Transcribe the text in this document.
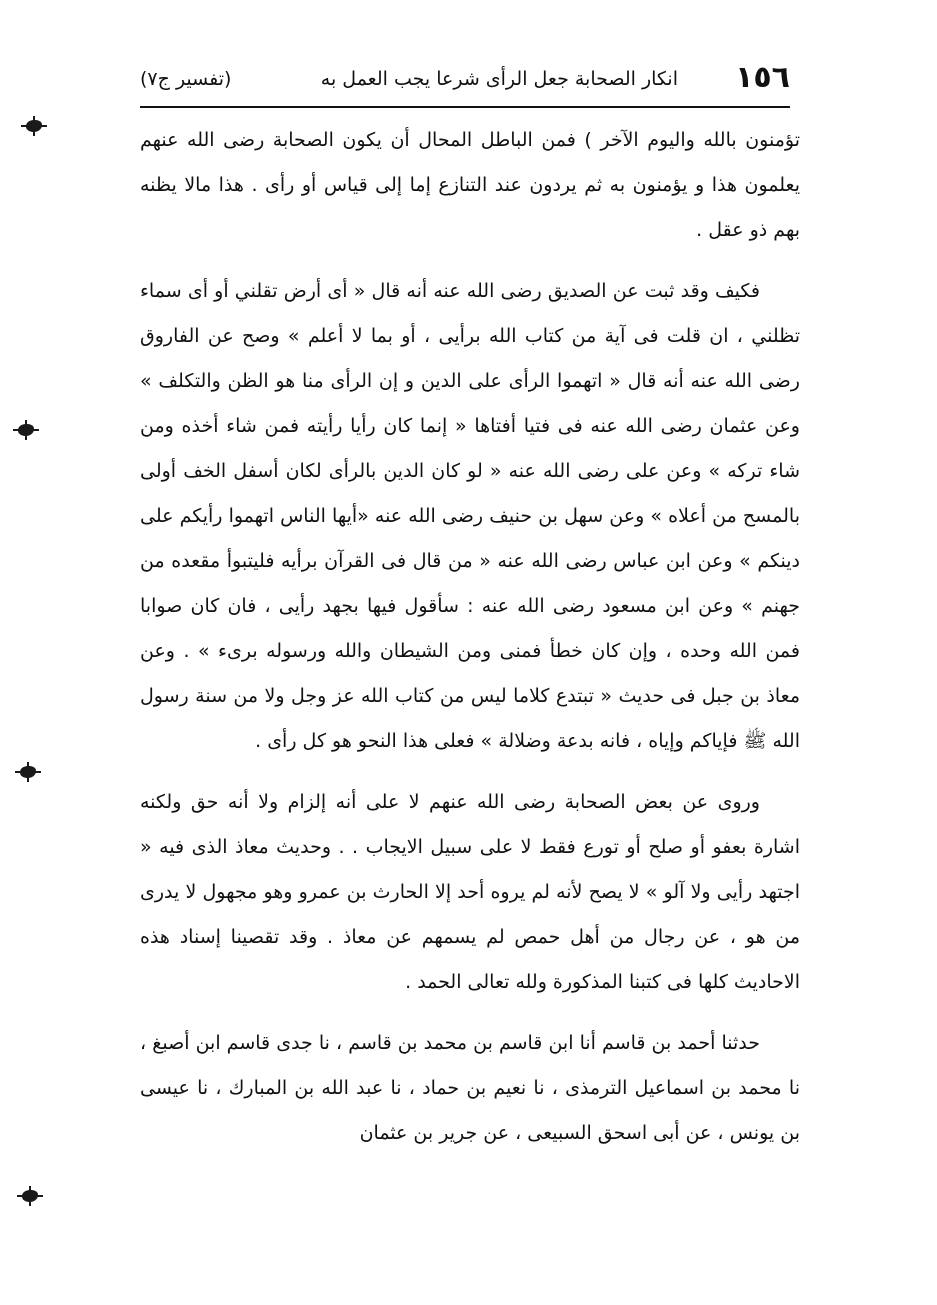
١٥٦
انكار الصحابة جعل الرأى شرعا يجب العمل به
(تفسير ج٧)

تؤمنون بالله واليوم الآخر ) فمن الباطل المحال أن يكون الصحابة رضى الله عنهم يعلمون هذا و يؤمنون به ثم يردون عند التنازع إما إلى قياس أو رأى . هذا مالا يظنه بهم ذو عقل .

فكيف وقد ثبت عن الصديق رضى الله عنه أنه قال « أى أرض تقلني أو أى سماء تظلني ، ان قلت فى آية من كتاب الله برأيى ، أو بما لا أعلم » وصح عن الفاروق رضى الله عنه أنه قال « اتهموا الرأى على الدين و إن الرأى منا هو الظن والتكلف » وعن عثمان رضى الله عنه فى فتيا أفتاها « إنما كان رأيا رأيته فمن شاء أخذه ومن شاء تركه » وعن على رضى الله عنه « لو كان الدين بالرأى لكان أسفل الخف أولى بالمسح من أعلاه » وعن سهل بن حنيف رضى الله عنه «أيها الناس اتهموا رأيكم على دينكم » وعن ابن عباس رضى الله عنه « من قال فى القرآن برأيه فليتبوأ مقعده من جهنم » وعن ابن مسعود رضى الله عنه : سأقول فيها بجهد رأيى ، فان كان صوابا فمن الله وحده ، وإن كان خطأ فمنى ومن الشيطان والله ورسوله برىء » . وعن معاذ بن جبل فى حديث « تبتدع كلاما ليس من كتاب الله عز وجل ولا من سنة رسول الله ﷺ فإياكم وإياه ، فانه بدعة وضلالة » فعلى هذا النحو هو كل رأى .

وروى عن بعض الصحابة رضى الله عنهم لا على أنه إلزام ولا أنه حق ولكنه اشارة بعفو أو صلح أو تورع فقط لا على سبيل الايجاب . . وحديث معاذ الذى فيه « اجتهد رأيى ولا آلو » لا يصح لأنه لم يروه أحد إلا الحارث بن عمرو وهو مجهول لا يدرى من هو ، عن رجال من أهل حمص لم يسمهم عن معاذ . وقد تقصينا إسناد هذه الاحاديث كلها فى كتبنا المذكورة ولله تعالى الحمد .

حدثنا أحمد بن قاسم أنا ابن قاسم بن محمد بن قاسم ، نا جدى قاسم ابن أصبغ ، نا محمد بن اسماعيل الترمذى ، نا نعيم بن حماد ، نا عبد الله بن المبارك ، نا عيسى بن يونس ، عن أبى اسحق السبيعى ، عن جرير بن عثمان
